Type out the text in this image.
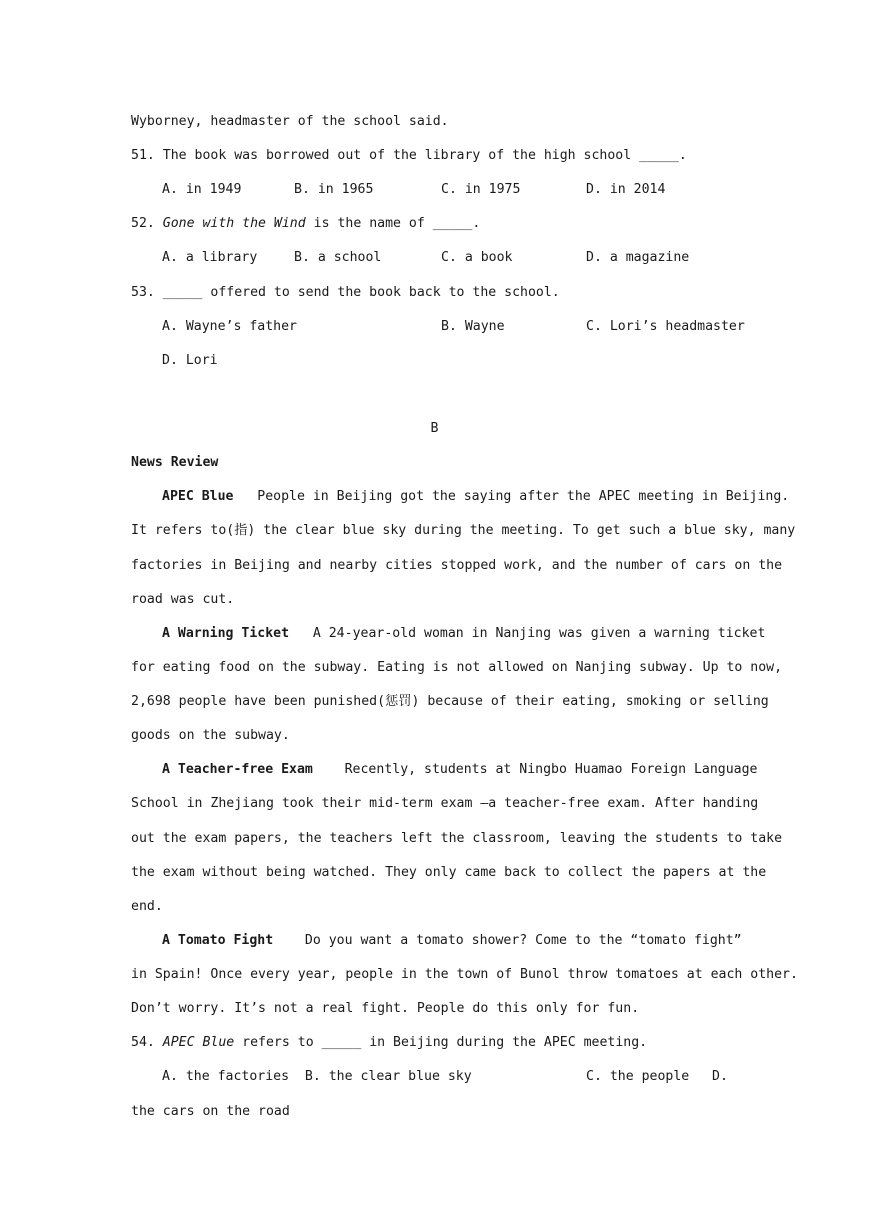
Wyborney, headmaster of the school said.
51. The book was borrowed out of the library of the high school _____.
A. in 1949	B. in 1965	C. in 1975	D. in 2014
52. Gone with the Wind is the name of _____.
A. a library	B. a school	C. a book	D. a magazine
53. _____ offered to send the book back to the school.
A. Wayne’s father	B. Wayne	C. Lori’s headmaster
D. Lori
B
News Review
APEC Blue   People in Beijing got the saying after the APEC meeting in Beijing.
It refers to(指) the clear blue sky during the meeting. To get such a blue sky, many
factories in Beijing and nearby cities stopped work, and the number of cars on the
road was cut.
A Warning Ticket   A 24-year-old woman in Nanjing was given a warning ticket
for eating food on the subway. Eating is not allowed on Nanjing subway. Up to now,
2,698 people have been punished(惩罚) because of their eating, smoking or selling
goods on the subway.
A Teacher-free Exam    Recently, students at Ningbo Huamao Foreign Language
School in Zhejiang took their mid-term exam –a teacher-free exam. After handing
out the exam papers, the teachers left the classroom, leaving the students to take
the exam without being watched. They only came back to collect the papers at the
end.
A Tomato Fight    Do you want a tomato shower? Come to the “tomato fight”
in Spain! Once every year, people in the town of Bunol throw tomatoes at each other.
Don’t worry. It’s not a real fight. People do this only for fun.
54. APEC Blue refers to _____ in Beijing during the APEC meeting.
A. the factories  B. the clear blue sky	C. the people D.
the cars on the road
